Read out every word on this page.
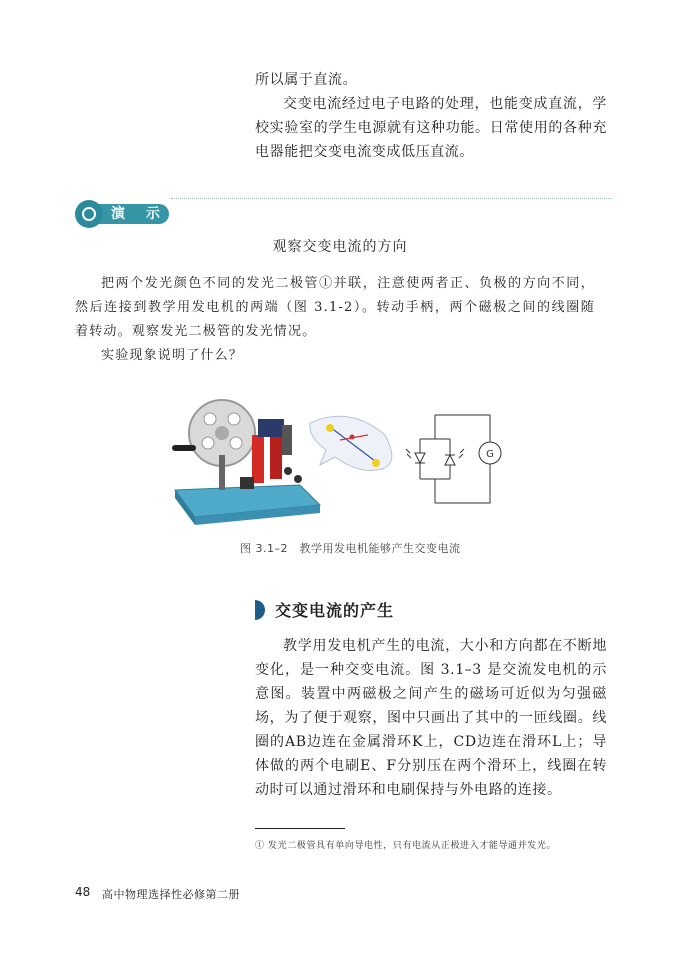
所以属于直流。

交变电流经过电子电路的处理，也能变成直流，学校实验室的学生电源就有这种功能。日常使用的各种充电器能把交变电流变成低压直流。

演 示
观察交变电流的方向

把两个发光颜色不同的发光二极管①并联，注意使两者正、负极的方向不同，然后连接到教学用发电机的两端（图 3.1-2）。转动手柄，两个磁极之间的线圈随着转动。观察发光二极管的发光情况。

实验现象说明了什么？

G
图 3.1–2　教学用发电机能够产生交变电流
交变电流的产生

教学用发电机产生的电流，大小和方向都在不断地变化，是一种交变电流。图 3.1–3 是交流发电机的示意图。装置中两磁极之间产生的磁场可近似为匀强磁场，为了便于观察，图中只画出了其中的一匝线圈。线圈的AB边连在金属滑环K上，CD边连在滑环L上；导体做的两个电刷E、F分别压在两个滑环上，线圈在转动时可以通过滑环和电刷保持与外电路的连接。

① 发光二极管具有单向导电性，只有电流从正极进入才能导通并发光。
48 高中物理选择性必修第二册
